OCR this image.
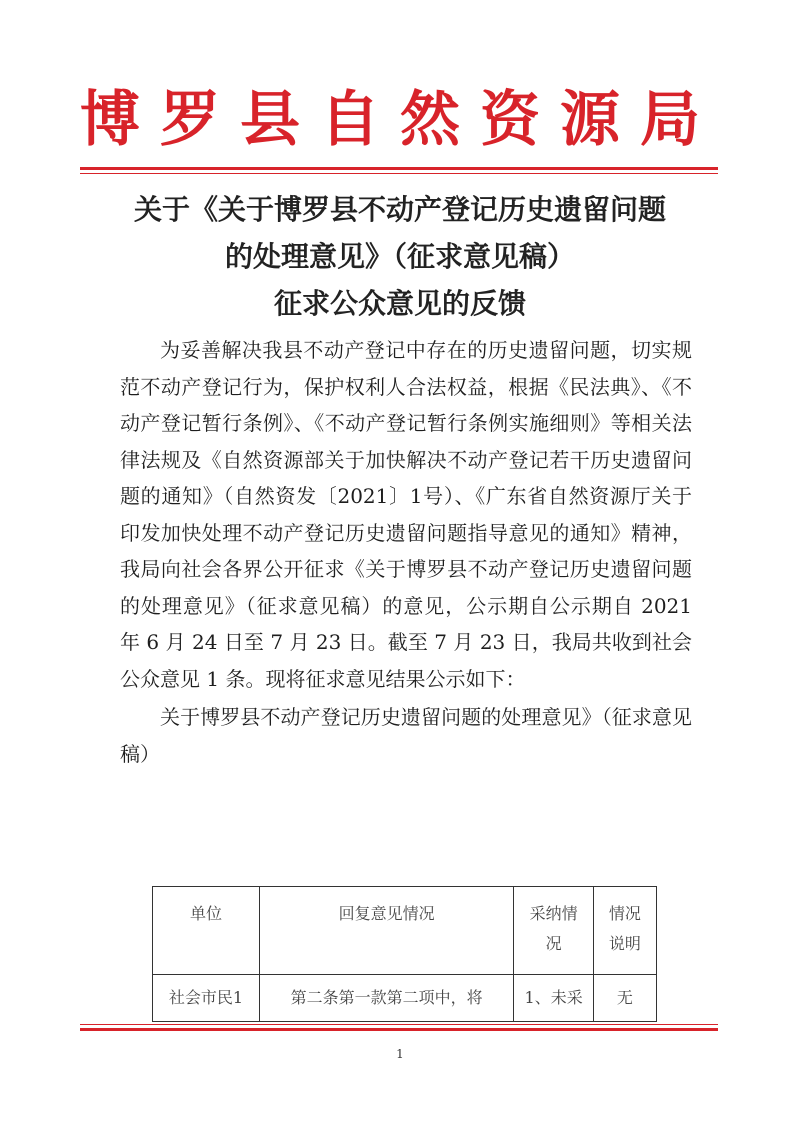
博罗县自然资源局
关于《关于博罗县不动产登记历史遗留问题
的处理意见》（征求意见稿）
征求公众意见的反馈

为妥善解决我县不动产登记中存在的历史遗留问题，切实规范不动产登记行为，保护权利人合法权益，根据《民法典》、《不动产登记暂行条例》、《不动产登记暂行条例实施细则》等相关法律法规及《自然资源部关于加快解决不动产登记若干历史遗留问题的通知》（自然资发〔2021〕1号）、《广东省自然资源厅关于印发加快处理不动产登记历史遗留问题指导意见的通知》精神，我局向社会各界公开征求《关于博罗县不动产登记历史遗留问题的处理意见》（征求意见稿）的意见，公示期自公示期自 2021 年 6 月 24 日至 7 月 23 日。截至 7 月 23 日，我局共收到社会公众意见 1 条。现将征求意见结果公示如下：

关于博罗县不动产登记历史遗留问题的处理意见》（征求意见稿）

单位	回复意见情况	采纳情况	情况说明
社会市民1	第二条第一款第二项中，将	1、未采	无
1
